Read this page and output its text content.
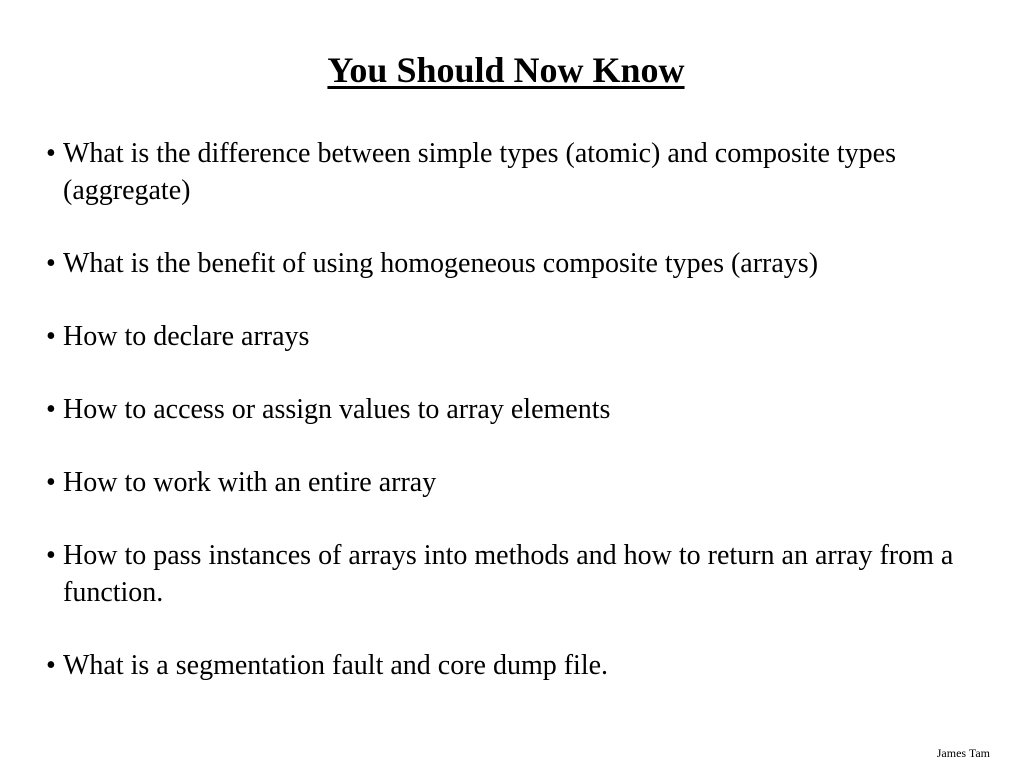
You Should Now Know
• What is the difference between simple types (atomic) and composite types (aggregate)
• What is the benefit of using homogeneous composite types (arrays)
• How to declare arrays
• How to access or assign values to array elements
• How to work with an entire array
• How to pass instances of arrays into methods and how to return an array from a function.
• What is a segmentation fault and core dump file.
James Tam
